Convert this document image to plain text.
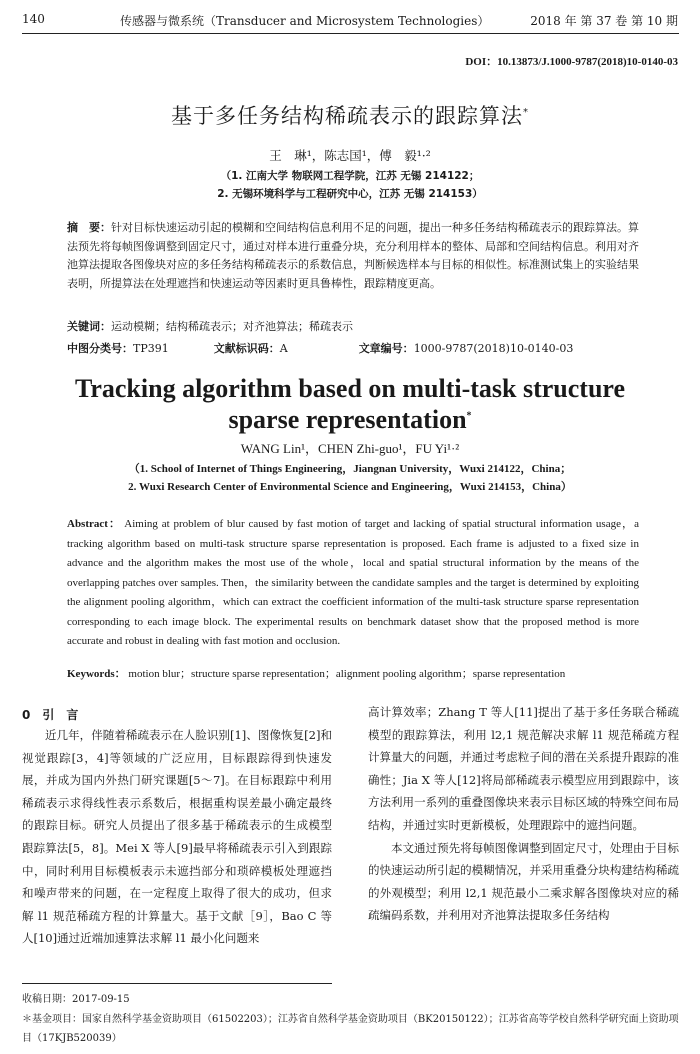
140	传感器与微系统（Transducer and Microsystem Technologies）	2018 年 第 37 卷 第 10 期
DOI：10.13873/J.1000-9787(2018)10-0140-03
基于多任务结构稀疏表示的跟踪算法*
王　琳¹，陈志国¹，傅　毅¹·²
（1. 江南大学 物联网工程学院，江苏 无锡 214122；
2. 无锡环境科学与工程研究中心，江苏 无锡 214153）
摘　要：针对目标快速运动引起的模糊和空间结构信息利用不足的问题，提出一种多任务结构稀疏表示的跟踪算法。算法预先将每帧图像调整到固定尺寸，通过对样本进行重叠分块，充分利用样本的整体、局部和空间结构信息。利用对齐池算法提取各图像块对应的多任务结构稀疏表示的系数信息，判断候选样本与目标的相似性。标准测试集上的实验结果表明，所提算法在处理遮挡和快速运动等因素时更具鲁棒性，跟踪精度更高。
关键词：运动模糊；结构稀疏表示；对齐池算法；稀疏表示
中图分类号：TP391	文献标识码：A	文章编号：1000-9787(2018)10-0140-03
Tracking algorithm based on multi-task structure
sparse representation*
WANG Lin¹，CHEN Zhi-guo¹，FU Yi¹·²
（1. School of Internet of Things Engineering，Jiangnan University，Wuxi 214122，China；
2. Wuxi Research Center of Environmental Science and Engineering，Wuxi 214153，China）
Abstract： Aiming at problem of blur caused by fast motion of target and lacking of spatial structural information usage，a tracking algorithm based on multi-task structure sparse representation is proposed. Each frame is adjusted to a fixed size in advance and the algorithm makes the most use of the whole，local and spatial structural information by the means of the overlapping patches over samples. Then，the similarity between the candidate samples and the target is determined by exploiting the alignment pooling algorithm，which can extract the coefficient information of the multi-task structure sparse representation corresponding to each image block. The experimental results on benchmark dataset show that the proposed method is more accurate and robust in dealing with fast motion and occlusion.
Keywords： motion blur；structure sparse representation；alignment pooling algorithm；sparse representation
0　引　言

近几年，伴随着稀疏表示在人脸识别[1]、图像恢复[2]和视觉跟踪[3，4]等领域的广泛应用，目标跟踪得到快速发展，并成为国内外热门研究课题[5～7]。在目标跟踪中利用稀疏表示求得线性表示系数后，根据重构误差最小确定最终的跟踪目标。研究人员提出了很多基于稀疏表示的生成模型跟踪算法[5，8]。Mei X 等人[9]最早将稀疏表示引入到跟踪中，同时利用目标模板表示未遮挡部分和琐碎模板处理遮挡和噪声带来的问题，在一定程度上取得了很大的成功，但求解 l1 规范稀疏方程的计算量大。基于文献［9］，Bao C 等人[10]通过近端加速算法求解 l1 最小化问题来

高计算效率；Zhang T 等人[11]提出了基于多任务联合稀疏模型的跟踪算法，利用 l2,1 规范解决求解 l1 规范稀疏方程计算量大的问题，并通过考虑粒子间的潜在关系提升跟踪的准确性；Jia X 等人[12]将局部稀疏表示模型应用到跟踪中，该方法利用一系列的重叠图像块来表示目标区域的特殊空间布局结构，并通过实时更新模板，处理跟踪中的遮挡问题。

本文通过预先将每帧图像调整到固定尺寸，处理由于目标的快速运动所引起的模糊情况，并采用重叠分块构建结构稀疏的外观模型；利用 l2,1 规范最小二乘求解各图像块对应的稀疏编码系数，并利用对齐池算法提取多任务结构

收稿日期：2017-09-15
＊基金项目：国家自然科学基金资助项目（61502203）；江苏省自然科学基金资助项目（BK20150122）；江苏省高等学校自然科学研究面上资助项目（17KJB520039）
